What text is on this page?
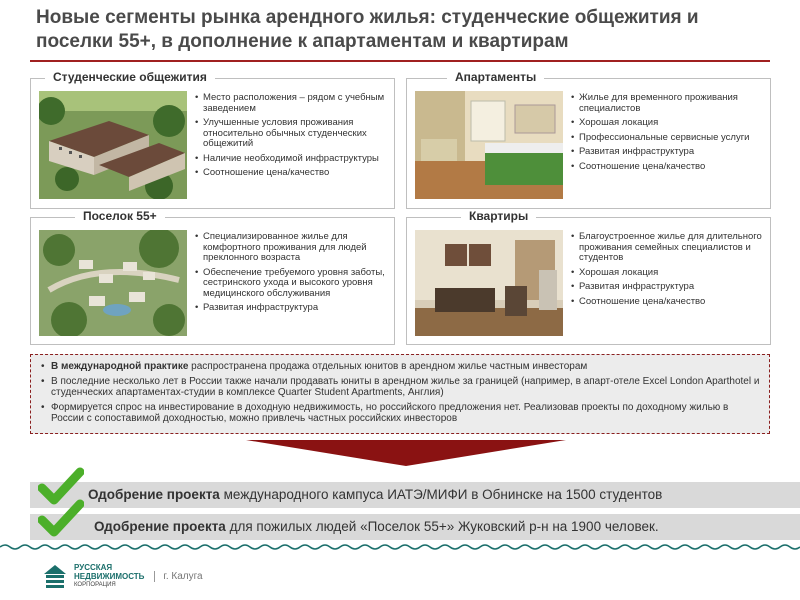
Новые сегменты рынка арендного жилья: студенческие общежития и поселки 55+, в дополнение к апартаментам и квартирам
Студенческие общежития
• Место расположения – рядом с учебным заведением
• Улучшенные условия проживания относительно обычных студенческих общежитий
• Наличие необходимой инфраструктуры
• Соотношение цена/качество
Апартаменты
• Жилье для временного проживания специалистов
• Хорошая локация
• Профессиональные сервисные услуги
• Развитая инфраструктура
• Соотношение цена/качество
Поселок 55+
• Специализированное жилье для комфортного проживания для людей преклонного возраста
• Обеспечение требуемого уровня заботы, сестринского ухода и высокого уровня медицинского обслуживания
• Развитая инфраструктура
Квартиры
• Благоустроенное жилье для длительного проживания семейных специалистов и студентов
• Хорошая локация
• Развитая инфраструктура
• Соотношение цена/качество
• В международной практике распространена продажа отдельных юнитов в арендном жилье частным инвесторам
• В последние несколько лет в России также начали продавать юниты в арендном жилье за границей (например, в апарт-отеле Excel London Aparthotel и студенческих апартаментах-студии в комплексе Quarter Student Apartments, Англия)
• Формируется спрос на инвестирование в доходную недвижимость, но российского предложения нет. Реализовав проекты по доходному жилью в России с сопоставимой доходностью, можно привлечь частных российских инвесторов
Одобрение проекта международного кампуса ИАТЭ/МИФИ в Обнинске на 1500 студентов
Одобрение проекта для пожилых людей «Поселок 55+» Жуковский р-н на 1900 человек.
РУССКАЯ
НЕДВИЖИМОСТЬ
КОРПОРАЦИЯ
г. Калуга
